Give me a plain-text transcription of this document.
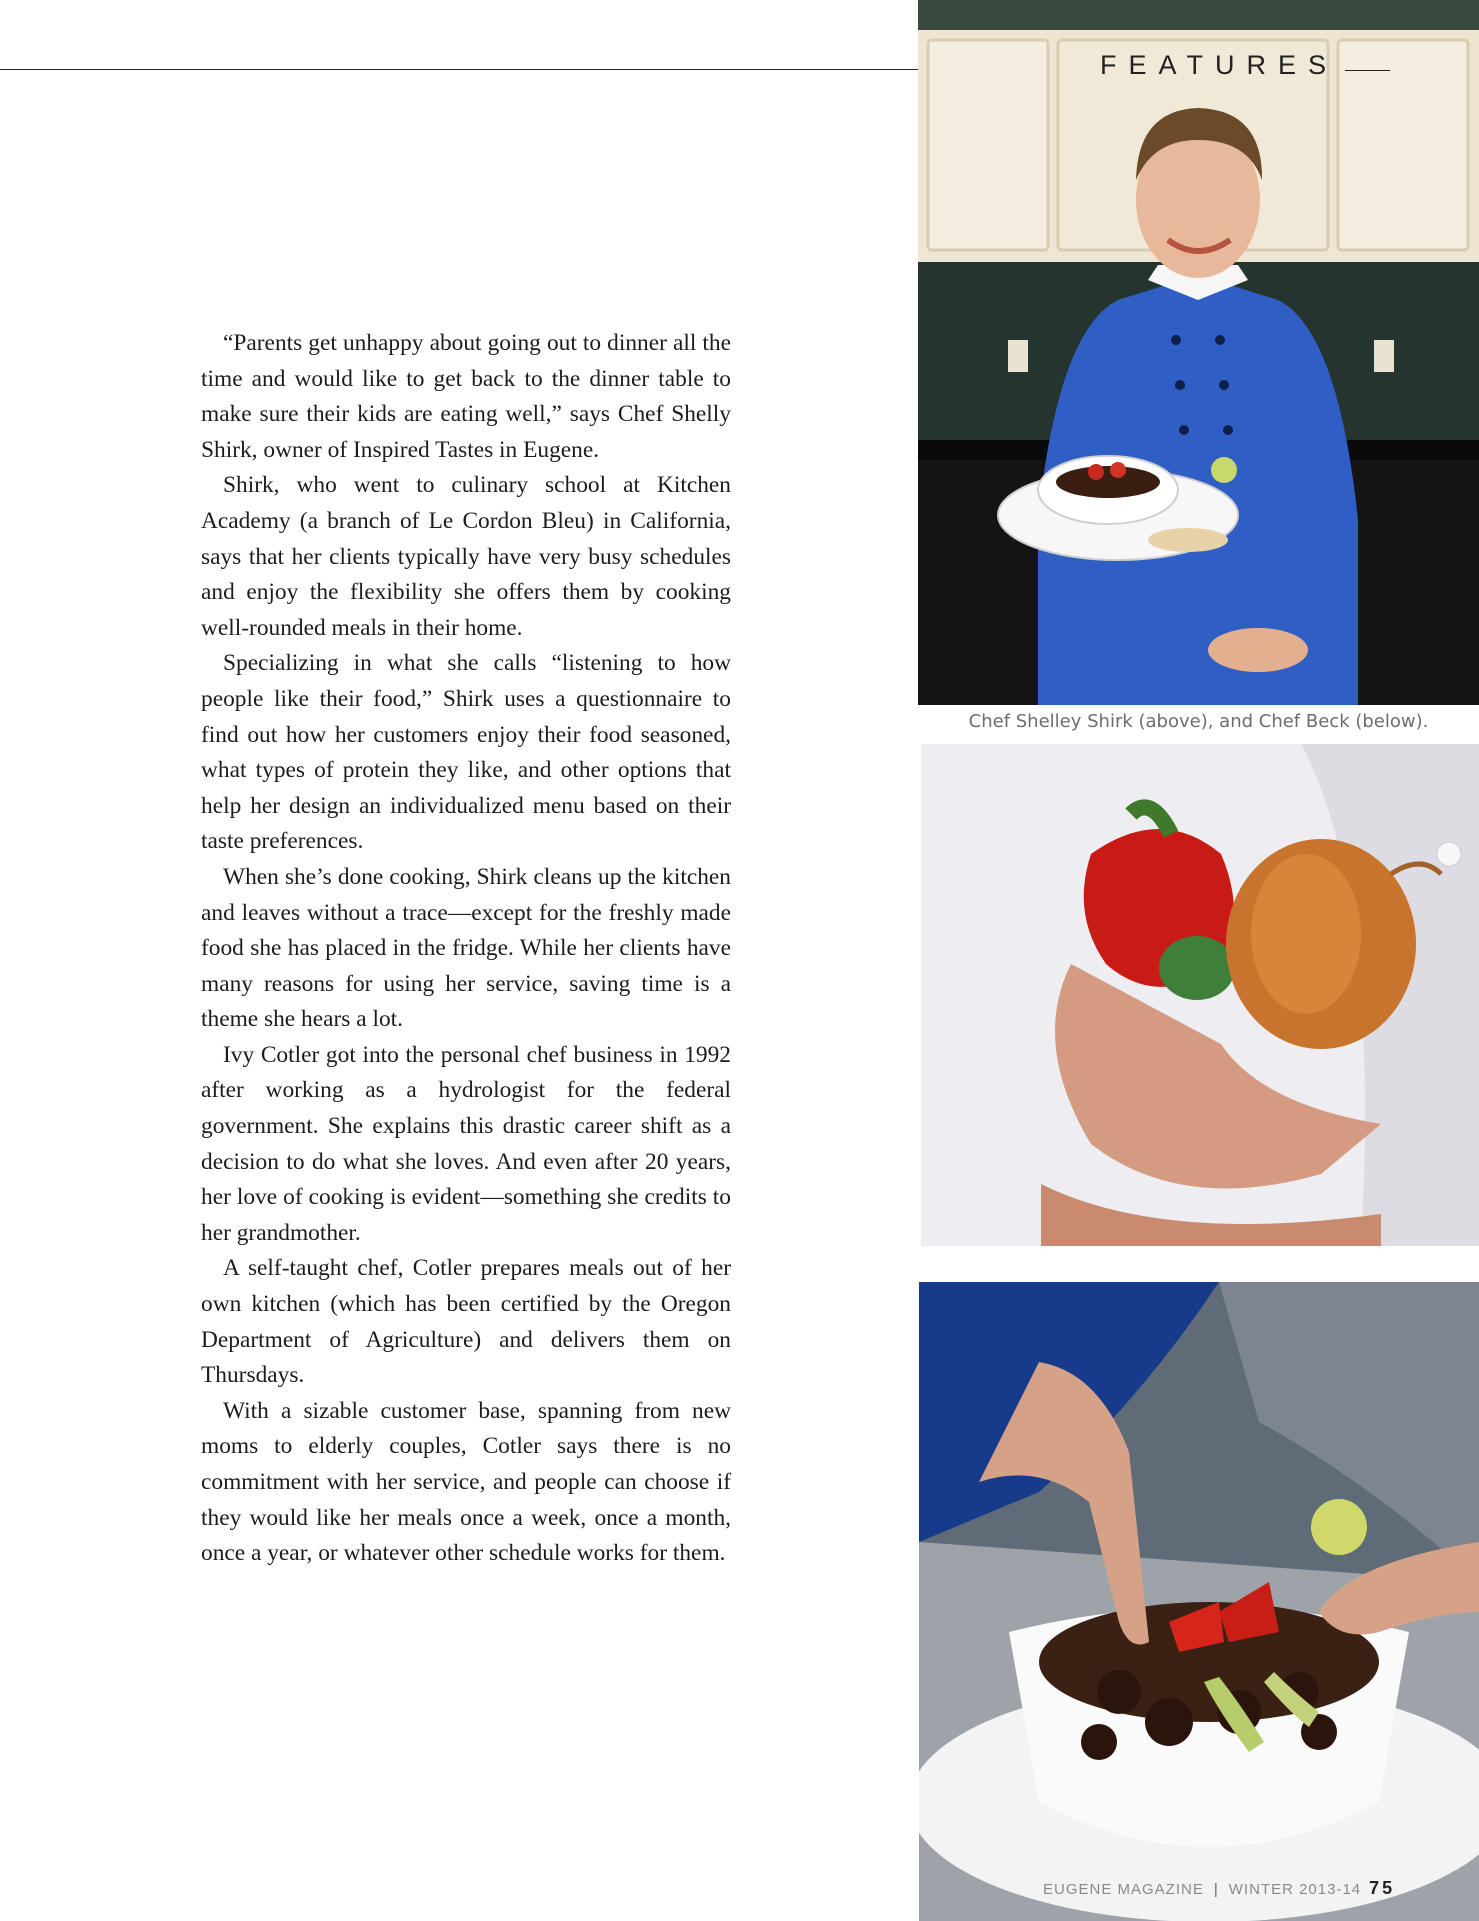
FEATURES

“Parents get unhappy about going out to dinner all the time and would like to get back to the dinner table to make sure their kids are eating well,” says Chef Shelly Shirk, owner of Inspired Tastes in Eugene.

Shirk, who went to culinary school at Kitchen Academy (a branch of Le Cordon Bleu) in California, says that her clients typically have very busy schedules and enjoy the flexibility she offers them by cooking well-rounded meals in their home.

Specializing in what she calls “listening to how people like their food,” Shirk uses a questionnaire to find out how her customers enjoy their food seasoned, what types of protein they like, and other options that help her design an individualized menu based on their taste preferences.

When she’s done cooking, Shirk cleans up the kitchen and leaves without a trace—except for the freshly made food she has placed in the fridge. While her clients have many reasons for using her service, saving time is a theme she hears a lot.

Ivy Cotler got into the personal chef business in 1992 after working as a hydrologist for the federal government. She explains this drastic career shift as a decision to do what she loves. And even after 20 years, her love of cooking is evident—something she credits to her grandmother.

A self-taught chef, Cotler prepares meals out of her own kitchen (which has been certified by the Oregon Department of Agriculture) and delivers them on Thursdays.

With a sizable customer base, spanning from new moms to elderly couples, Cotler says there is no commitment with her service, and people can choose if they would like her meals once a week, once a month, once a year, or whatever other schedule works for them.

Chef Shelley Shirk (above), and Chef Beck (below).
EUGENE MAGAZINE | WINTER 2013-14 75
